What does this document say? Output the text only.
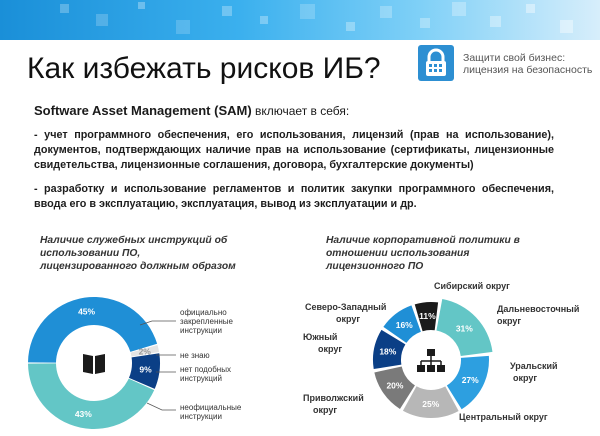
Как избежать рисков ИБ?	Защити свой бизнес: лицензия на безопасность
Software Asset Management (SAM) включает в себя:
- учет программного обеспечения, его использования, лицензий (прав на использование), документов, подтверждающих наличие прав на использование (сертификаты, лицензионные свидетельства, лицензионные соглашения, договора, бухгалтерские документы)
- разработку и использование регламентов и политик закупки программного обеспечения, ввода его в эксплуатацию, эксплуатация, вывод из эксплуатации и др.
Наличие служебных инструкций об использовании ПО, лицензированного должным образом
Наличие корпоративной политики в отношении использования лицензионного ПО
45%
2%
9%
43%
официально закрепленные инструкции
не знаю
нет подобных инструкций
неофициальные инструкции
11%
31%
27%
25%
20%
18%
16%
Сибирский округ
Дальневосточный округ
Уральский округ
Центральный округ
Приволжский округ
Южный округ
Северо-Западный округ
